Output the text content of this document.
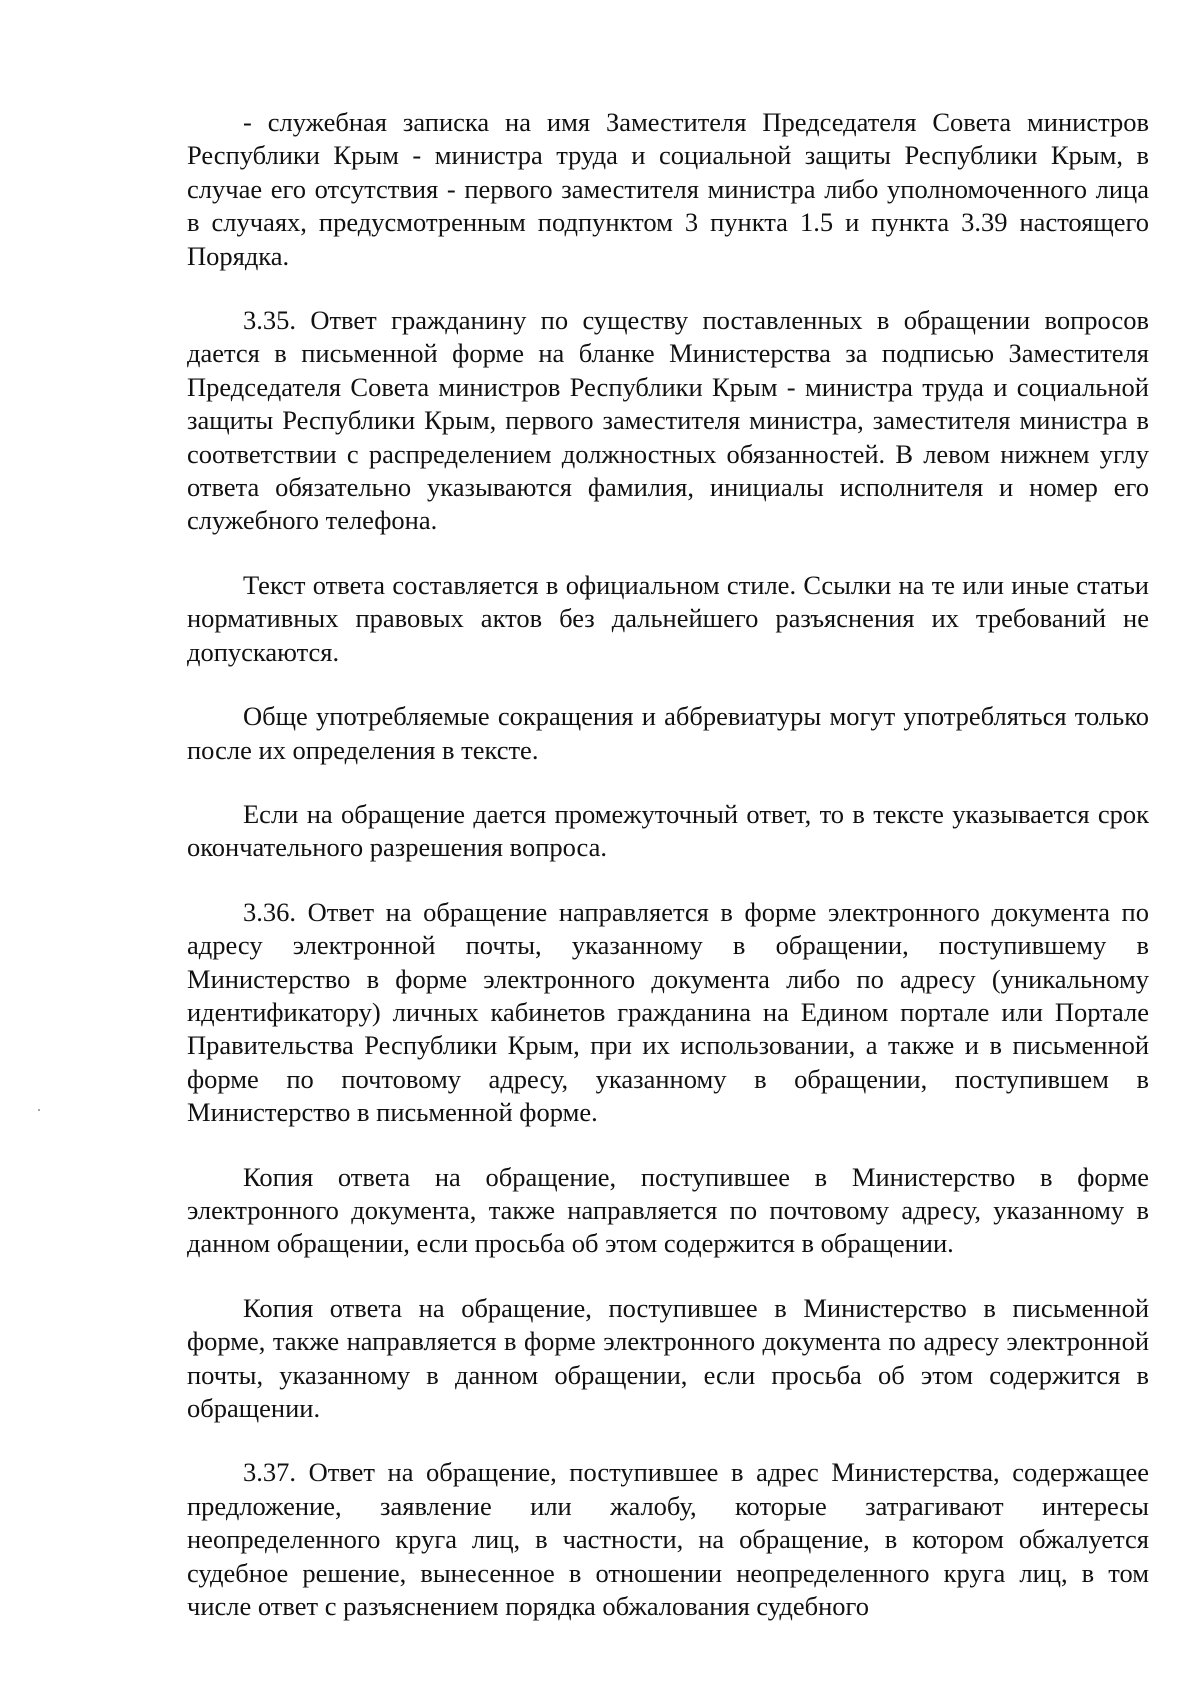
- служебная записка на имя Заместителя Председателя Совета министров Республики Крым - министра труда и социальной защиты Республики Крым, в случае его отсутствия - первого заместителя министра либо уполномоченного лица в случаях, предусмотренным подпунктом 3 пункта 1.5 и пункта 3.39 настоящего Порядка.

3.35. Ответ гражданину по существу поставленных в обращении вопросов дается в письменной форме на бланке Министерства за подписью Заместителя Председателя Совета министров Республики Крым - министра труда и социальной защиты Республики Крым, первого заместителя министра, заместителя министра в соответствии с распределением должностных обязанностей. В левом нижнем углу ответа обязательно указываются фамилия, инициалы исполнителя и номер его служебного телефона.

Текст ответа составляется в официальном стиле. Ссылки на те или иные статьи нормативных правовых актов без дальнейшего разъяснения их требований не допускаются.

Обще употребляемые сокращения и аббревиатуры могут употребляться только после их определения в тексте.

Если на обращение дается промежуточный ответ, то в тексте указывается срок окончательного разрешения вопроса.

3.36. Ответ на обращение направляется в форме электронного документа по адресу электронной почты, указанному в обращении, поступившему в Министерство в форме электронного документа либо по адресу (уникальному идентификатору) личных кабинетов гражданина на Едином портале или Портале Правительства Республики Крым, при их использовании, а также и в письменной форме по почтовому адресу, указанному в обращении, поступившем в Министерство в письменной форме.

Копия ответа на обращение, поступившее в Министерство в форме электронного документа, также направляется по почтовому адресу, указанному в данном обращении, если просьба об этом содержится в обращении.

Копия ответа на обращение, поступившее в Министерство в письменной форме, также направляется в форме электронного документа по адресу электронной почты, указанному в данном обращении, если просьба об этом содержится в обращении.

3.37. Ответ на обращение, поступившее в адрес Министерства, содержащее предложение, заявление или жалобу, которые затрагивают интересы неопределенного круга лиц, в частности, на обращение, в котором обжалуется судебное решение, вынесенное в отношении неопределенного круга лиц, в том числе ответ с разъяснением порядка обжалования судебного
